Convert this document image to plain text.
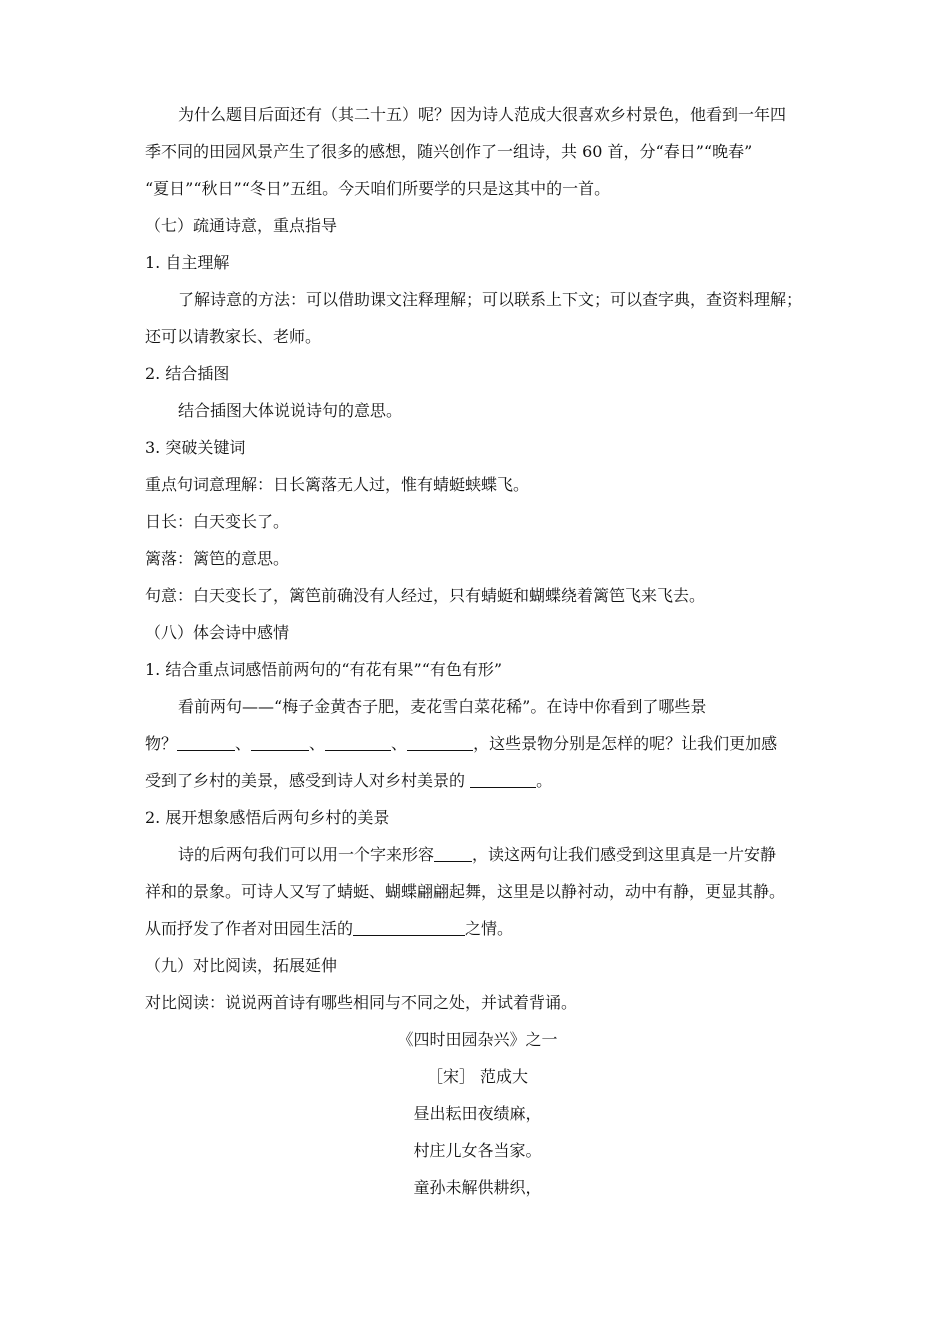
为什么题目后面还有（其二十五）呢？因为诗人范成大很喜欢乡村景色，他看到一年四
季不同的田园风景产生了很多的感想，随兴创作了一组诗，共 60 首，分“春日”“晚春”
“夏日”“秋日”“冬日”五组。今天咱们所要学的只是这其中的一首。
（七）疏通诗意，重点指导
1. 自主理解
了解诗意的方法：可以借助课文注释理解；可以联系上下文；可以查字典，查资料理解；
还可以请教家长、老师。
2. 结合插图
结合插图大体说说诗句的意思。
3. 突破关键词
重点句词意理解：日长篱落无人过，惟有蜻蜓蛱蝶飞。
日长：白天变长了。
篱落：篱笆的意思。
句意：白天变长了，篱笆前确没有人经过，只有蜻蜓和蝴蝶绕着篱笆飞来飞去。
（八）体会诗中感情
1. 结合重点词感悟前两句的“有花有果”“有色有形”
看前两句——“梅子金黄杏子肥，麦花雪白菜花稀”。在诗中你看到了哪些景
物？	、	、	、	，这些景物分别是怎样的呢？让我们更加感
受到了乡村的美景，感受到诗人对乡村美景的	。
2. 展开想象感悟后两句乡村的美景
诗的后两句我们可以用一个字来形容 ，读这两句让我们感受到这里真是一片安静
祥和的景象。可诗人又写了蜻蜓、蝴蝶翩翩起舞，这里是以静衬动，动中有静，更显其静。
从而抒发了作者对田园生活的	之情。
（九）对比阅读，拓展延伸
对比阅读：说说两首诗有哪些相同与不同之处，并试着背诵。
《四时田园杂兴》之一
［宋］ 范成大
昼出耘田夜绩麻，
村庄儿女各当家。
童孙未解供耕织，
